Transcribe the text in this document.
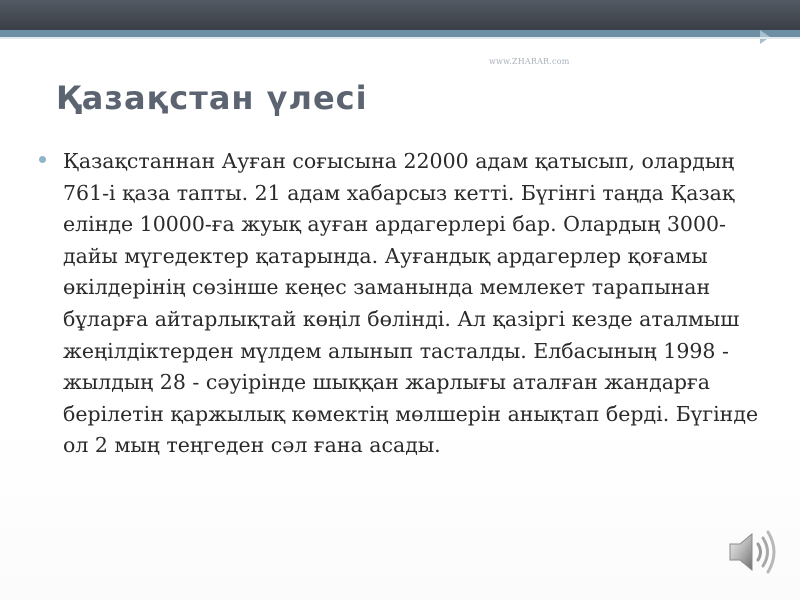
www.ZHARAR.com
Қазақстан үлесі

Қазақстаннан Ауған соғысына 22000 адам қатысып, олардың 761-і қаза тапты. 21 адам хабарсыз кетті. Бүгінгі таңда Қазақ елінде 10000-ға жуық ауған ардагерлері бар. Олардың 3000-дайы мүгедектер қатарында. Ауғандық ардагерлер қоғамы өкілдерінің сөзінше кеңес заманында мемлекет тарапынан бұларға айтарлықтай көңіл бөлінді. Ал қазіргі кезде аталмыш жеңілдіктерден мүлдем алынып тасталды. Елбасының 1998 - жылдың 28 - сәуірінде шыққан жарлығы аталған жандарға берілетін қаржылық көмектің мөлшерін анықтап берді. Бүгінде ол 2 мың теңгеден сәл ғана асады.
